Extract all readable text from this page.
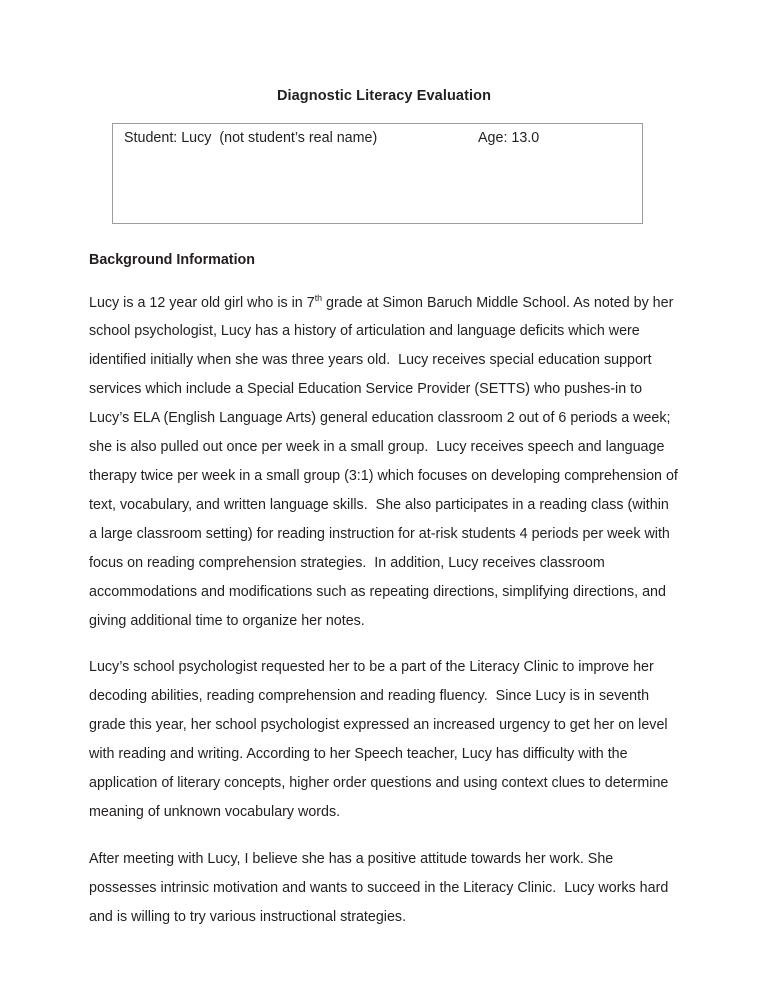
Diagnostic Literacy Evaluation
Student: Lucy  (not student’s real name)	Age: 13.0
Background Information

Lucy is a 12 year old girl who is in 7th grade at Simon Baruch Middle School. As noted by her school psychologist, Lucy has a history of articulation and language deficits which were identified initially when she was three years old.  Lucy receives special education support services which include a Special Education Service Provider (SETTS) who pushes-in to Lucy’s ELA (English Language Arts) general education classroom 2 out of 6 periods a week; she is also pulled out once per week in a small group.  Lucy receives speech and language therapy twice per week in a small group (3:1) which focuses on developing comprehension of text, vocabulary, and written language skills.  She also participates in a reading class (within a large classroom setting) for reading instruction for at-risk students 4 periods per week with focus on reading comprehension strategies.  In addition, Lucy receives classroom accommodations and modifications such as repeating directions, simplifying directions, and giving additional time to organize her notes.

Lucy’s school psychologist requested her to be a part of the Literacy Clinic to improve her decoding abilities, reading comprehension and reading fluency.  Since Lucy is in seventh grade this year, her school psychologist expressed an increased urgency to get her on level with reading and writing. According to her Speech teacher, Lucy has difficulty with the application of literary concepts, higher order questions and using context clues to determine meaning of unknown vocabulary words.

After meeting with Lucy, I believe she has a positive attitude towards her work. She possesses intrinsic motivation and wants to succeed in the Literacy Clinic.  Lucy works hard and is willing to try various instructional strategies.
